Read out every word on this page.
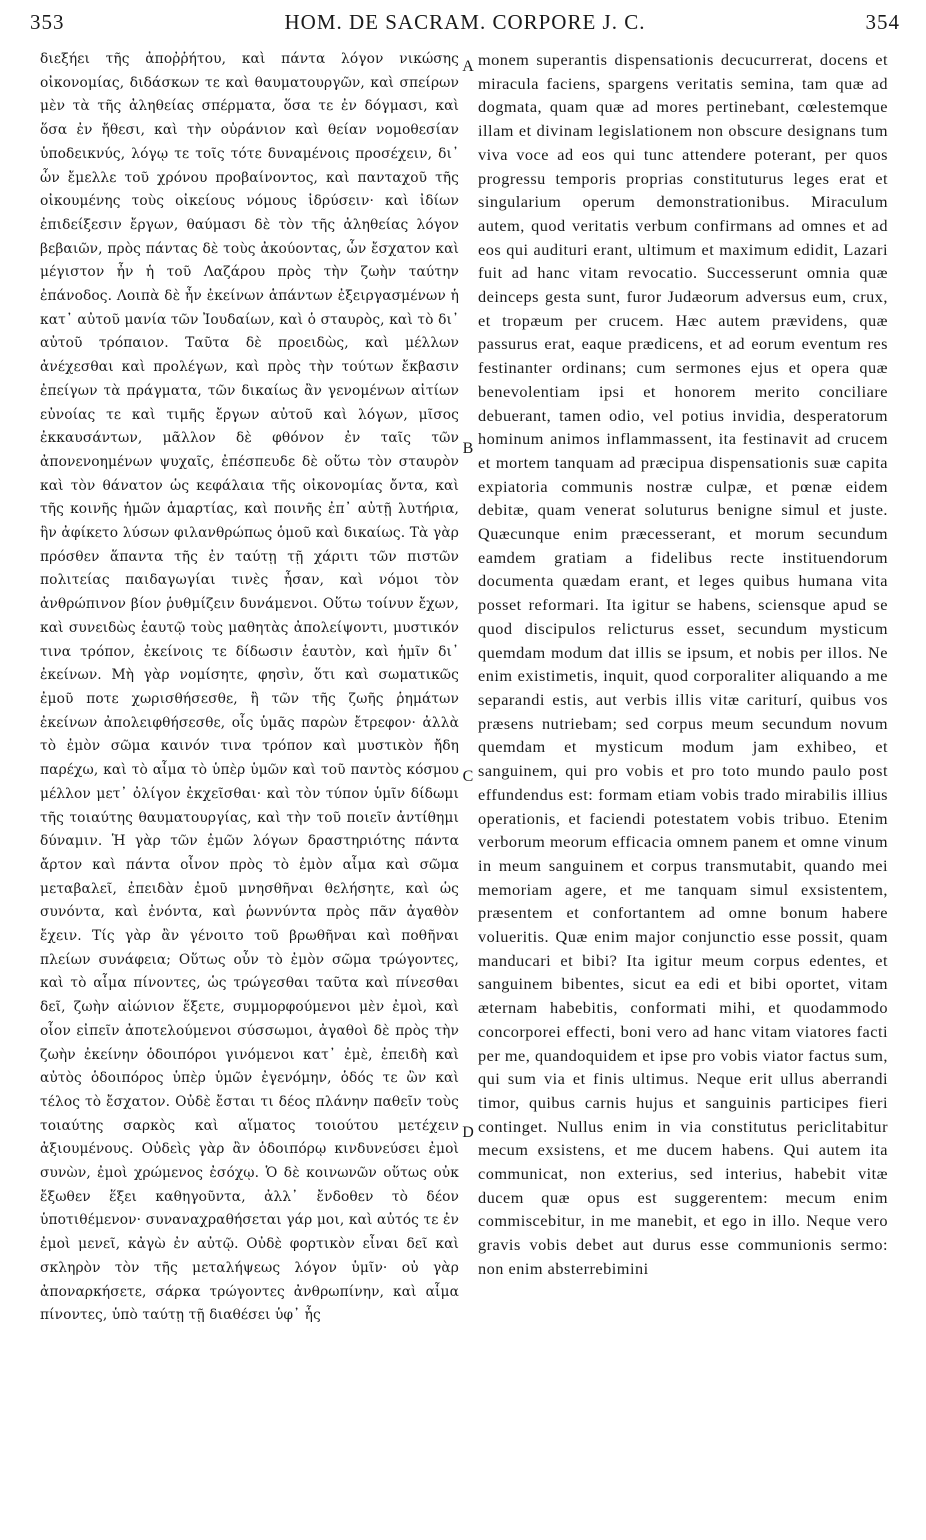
353	ΗΟΜ. DE SACRAM. CORPORE J. C.	354
διεξήει τῆς ἀποῤῥήτου, καὶ πάντα λόγον νικώσης οἰκονομίας, διδάσκων τε καὶ θαυματουργῶν, καὶ σπείρων μὲν τὰ τῆς ἀληθείας σπέρματα, ὅσα τε ἐν δόγμασι, καὶ ὅσα ἐν ἤθεσι, καὶ τὴν οὐράνιον καὶ θείαν νομοθεσίαν ὑποδεικνύς, λόγῳ τε τοῖς τότε δυναμένοις προσέχειν, δι᾽ ὧν ἔμελλε τοῦ χρόνου προβαίνοντος, καὶ πανταχοῦ τῆς οἰκουμένης τοὺς οἰκείους νόμους ἱδρύσειν· καὶ ἰδίων ἐπιδείξεσιν ἔργων, θαύμασι δὲ τὸν τῆς ἀληθείας λόγον βεβαιῶν, πρὸς πάντας δὲ τοὺς ἀκούοντας, ὧν ἔσχατον καὶ μέγιστον ἦν ἡ τοῦ Λαζάρου πρὸς τὴν ζωὴν ταύτην ἐπάνοδος. Λοιπὰ δὲ ἦν ἐκείνων ἁπάντων ἐξειργασμένων ἡ κατ᾽ αὐτοῦ μανία τῶν Ἰουδαίων, καὶ ὁ σταυρὸς, καὶ τὸ δι᾽ αὐτοῦ τρόπαιον. Ταῦτα δὲ προειδὼς, καὶ μέλλων ἀνέχεσθαι καὶ προλέγων, καὶ πρὸς τὴν τούτων ἔκβασιν ἐπείγων τὰ πράγματα, τῶν δικαίως ἂν γενομένων αἰτίων εὐνοίας τε καὶ τιμῆς ἔργων αὐτοῦ καὶ λόγων, μῖσος ἐκκαυσάντων, μᾶλλον δὲ φθόνον ἐν ταῖς τῶν ἀπονενοημένων ψυχαῖς, ἐπέσπευδε δὲ οὕτω τὸν σταυρὸν καὶ τὸν θάνατον ὡς κεφάλαια τῆς οἰκονομίας ὄντα, καὶ τῆς κοινῆς ἡμῶν ἁμαρτίας, καὶ ποινῆς ἐπ᾽ αὐτῇ λυτήρια, ἣν ἀφίκετο λύσων φιλανθρώπως ὁμοῦ καὶ δικαίως. Τὰ γὰρ πρόσθεν ἅπαντα τῆς ἐν ταύτῃ τῇ χάριτι τῶν πιστῶν πολιτείας παιδαγωγίαι τινὲς ἦσαν, καὶ νόμοι τὸν ἀνθρώπινον βίον ῥυθμίζειν δυνάμενοι. Οὕτω τοίνυν ἔχων, καὶ συνειδὼς ἑαυτῷ τοὺς μαθητὰς ἀπολείψοντι, μυστικόν τινα τρόπον, ἐκείνοις τε δίδωσιν ἑαυτὸν, καὶ ἡμῖν δι᾽ ἐκείνων. Μὴ γὰρ νομίσητε, φησὶν, ὅτι καὶ σωματικῶς ἐμοῦ ποτε χωρισθήσεσθε, ἢ τῶν τῆς ζωῆς ῥημάτων ἐκείνων ἀπολειφθήσεσθε, οἷς ὑμᾶς παρὼν ἔτρεφον· ἀλλὰ τὸ ἐμὸν σῶμα καινόν τινα τρόπον καὶ μυστικὸν ἤδη παρέχω, καὶ τὸ αἷμα τὸ ὑπὲρ ὑμῶν καὶ τοῦ παντὸς κόσμου μέλλον μετ᾽ ὀλίγον ἐκχεῖσθαι· καὶ τὸν τύπον ὑμῖν δίδωμι τῆς τοιαύτης θαυματουργίας, καὶ τὴν τοῦ ποιεῖν ἀντίθημι δύναμιν. Ἡ γὰρ τῶν ἐμῶν λόγων δραστηριότης πάντα ἄρτον καὶ πάντα οἶνον πρὸς τὸ ἐμὸν αἷμα καὶ σῶμα μεταβαλεῖ, ἐπειδὰν ἐμοῦ μνησθῆναι θελήσητε, καὶ ὡς συνόντα, καὶ ἐνόντα, καὶ ῥωννύντα πρὸς πᾶν ἀγαθὸν ἔχειν. Τίς γὰρ ἂν γένοιτο τοῦ βρωθῆναι καὶ ποθῆναι πλείων συνάφεια; Οὕτως οὖν τὸ ἐμὸν σῶμα τρώγοντες, καὶ τὸ αἷμα πίνοντες, ὡς τρώγεσθαι ταῦτα καὶ πίνεσθαι δεῖ, ζωὴν αἰώνιον ἕξετε, συμμορφούμενοι μὲν ἐμοὶ, καὶ οἷον εἰπεῖν ἀποτελούμενοι σύσσωμοι, ἀγαθοὶ δὲ πρὸς τὴν ζωὴν ἐκείνην ὁδοιπόροι γινόμενοι κατ᾽ ἐμὲ, ἐπειδὴ καὶ αὐτὸς ὁδοιπόρος ὑπὲρ ὑμῶν ἐγενόμην, ὁδός τε ὢν καὶ τέλος τὸ ἔσχατον. Οὐδὲ ἔσται τι δέος πλάνην παθεῖν τοὺς τοιαύτης σαρκὸς καὶ αἵματος τοιούτου μετέχειν ἀξιουμένους. Οὐδεὶς γὰρ ἂν ὁδοιπόρῳ κινδυνεύσει ἐμοὶ συνὼν, ἐμοὶ χρώμενος ἐσόχῳ. Ὁ δὲ κοινωνῶν οὕτως οὐκ ἔξωθεν ἕξει καθηγοῦντα, ἀλλ᾽ ἔνδοθεν τὸ δέον ὑποτιθέμενον· συναναχραθήσεται γάρ μοι, καὶ αὐτός τε ἐν ἐμοὶ μενεῖ, κἀγὼ ἐν αὐτῷ. Οὐδὲ φορτικὸν εἶναι δεῖ καὶ σκληρὸν τὸν τῆς μεταλήψεως λόγον ὑμῖν· οὐ γὰρ ἀποναρκήσετε, σάρκα τρώγοντες ἀνθρωπίνην, καὶ αἷμα πίνοντες, ὑπὸ ταύτῃ τῇ διαθέσει ὑφ᾽ ἧς
A
B
C
D
monem superantis dispensationis decucurrerat, docens et miracula faciens, spargens veritatis semina, tam quæ ad dogmata, quam quæ ad mores pertinebant, cœlestemque illam et divinam legislationem non obscure designans tum viva voce ad eos qui tunc attendere poterant, per quos progressu temporis proprias constituturus leges erat et singularium operum demonstrationibus. Miraculum autem, quod veritatis verbum confirmans ad omnes et ad eos qui audituri erant, ultimum et maximum edidit, Lazari fuit ad hanc vitam revocatio. Successerunt omnia quæ deinceps gesta sunt, furor Judæorum adversus eum, crux, et tropæum per crucem. Hæc autem prævidens, quæ passurus erat, eaque prædicens, et ad eorum eventum res festinanter ordinans; cum sermones ejus et opera quæ benevolentiam ipsi et honorem merito conciliare debuerant, tamen odio, vel potius invidia, desperatorum hominum animos inflammassent, ita festinavit ad crucem et mortem tanquam ad præcipua dispensationis suæ capita expiatoria communis nostræ culpæ, et pœnæ eidem debitæ, quam venerat soluturus benigne simul et juste. Quæcunque enim præcesserant, et morum secundum eamdem gratiam a fidelibus recte instituendorum documenta quædam erant, et leges quibus humana vita posset reformari. Ita igitur se habens, sciensque apud se quod discipulos relicturus esset, secundum mysticum quemdam modum dat illis se ipsum, et nobis per illos. Ne enim existimetis, inquit, quod corporaliter aliquando a me separandi estis, aut verbis illis vitæ cariturí, quibus vos præsens nutriebam; sed corpus meum secundum novum quemdam et mysticum modum jam exhibeo, et sanguinem, qui pro vobis et pro toto mundo paulo post effundendus est: formam etiam vobis trado mirabilis illius operationis, et faciendi potestatem vobis tribuo. Etenim verborum meorum efficacia omnem panem et omne vinum in meum sanguinem et corpus transmutabit, quando mei memoriam agere, et me tanquam simul exsistentem, præsentem et confortantem ad omne bonum habere volueritis. Quæ enim major conjunctio esse possit, quam manducari et bibi? Ita igitur meum corpus edentes, et sanguinem bibentes, sicut ea edi et bibi oportet, vitam æternam habebitis, conformati mihi, et quodammodo concorporei effecti, boni vero ad hanc vitam viatores facti per me, quandoquidem et ipse pro vobis viator factus sum, qui sum via et finis ultimus. Neque erit ullus aberrandi timor, quibus carnis hujus et sanguinis participes fieri continget. Nullus enim in via constitutus periclitabitur mecum exsistens, et me ducem habens. Qui autem ita communicat, non exterius, sed interius, habebit vitæ ducem quæ opus est suggerentem: mecum enim commiscebitur, in me manebit, et ego in illo. Neque vero gravis vobis debet aut durus esse communionis sermo: non enim absterrebimini
